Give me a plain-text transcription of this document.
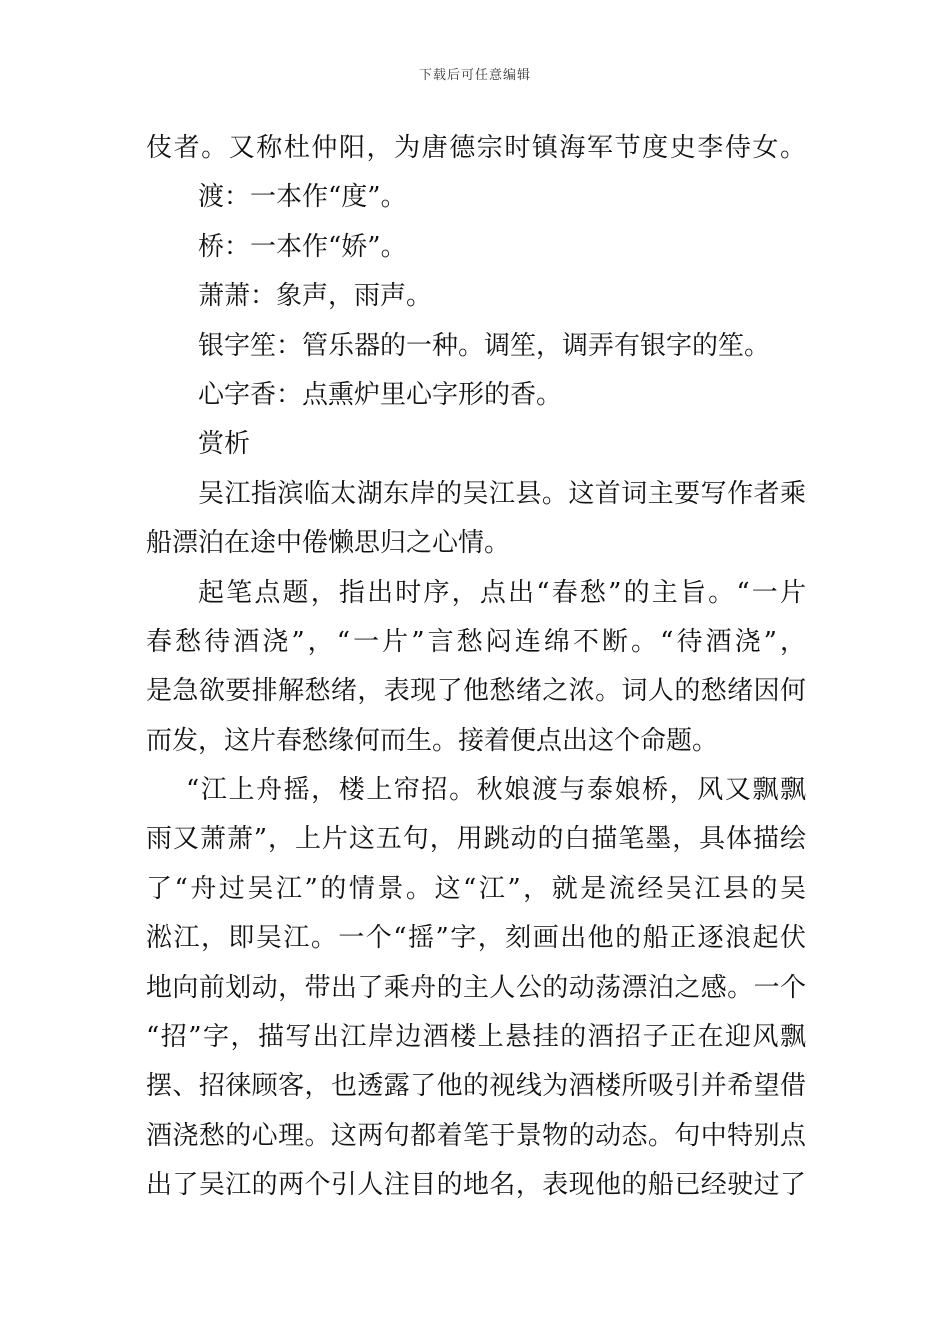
下载后可任意编辑
伎者。又称杜仲阳，为唐德宗时镇海军节度史李侍女。
渡：一本作“度”。
桥：一本作“娇”。
萧萧：象声，雨声。
银字笙：管乐器的一种。调笙，调弄有银字的笙。
心字香：点熏炉里心字形的香。
赏析
吴江指滨临太湖东岸的吴江县。这首词主要写作者乘
船漂泊在途中倦懒思归之心情。
起笔点题，指出时序，点出“春愁”的主旨。“一片
春愁待酒浇”，“一片”言愁闷连绵不断。“待酒浇”，
是急欲要排解愁绪，表现了他愁绪之浓。词人的愁绪因何
而发，这片春愁缘何而生。接着便点出这个命题。
“江上舟摇，楼上帘招。秋娘渡与泰娘桥，风又飘飘
雨又萧萧”，上片这五句，用跳动的白描笔墨，具体描绘
了“舟过吴江”的情景。这“江”，就是流经吴江县的吴
淞江，即吴江。一个“摇”字，刻画出他的船正逐浪起伏
地向前划动，带出了乘舟的主人公的动荡漂泊之感。一个
“招”字，描写出江岸边酒楼上悬挂的酒招子正在迎风飘
摆、招徕顾客，也透露了他的视线为酒楼所吸引并希望借
酒浇愁的心理。这两句都着笔于景物的动态。句中特别点
出了吴江的两个引人注目的地名，表现他的船已经驶过了
